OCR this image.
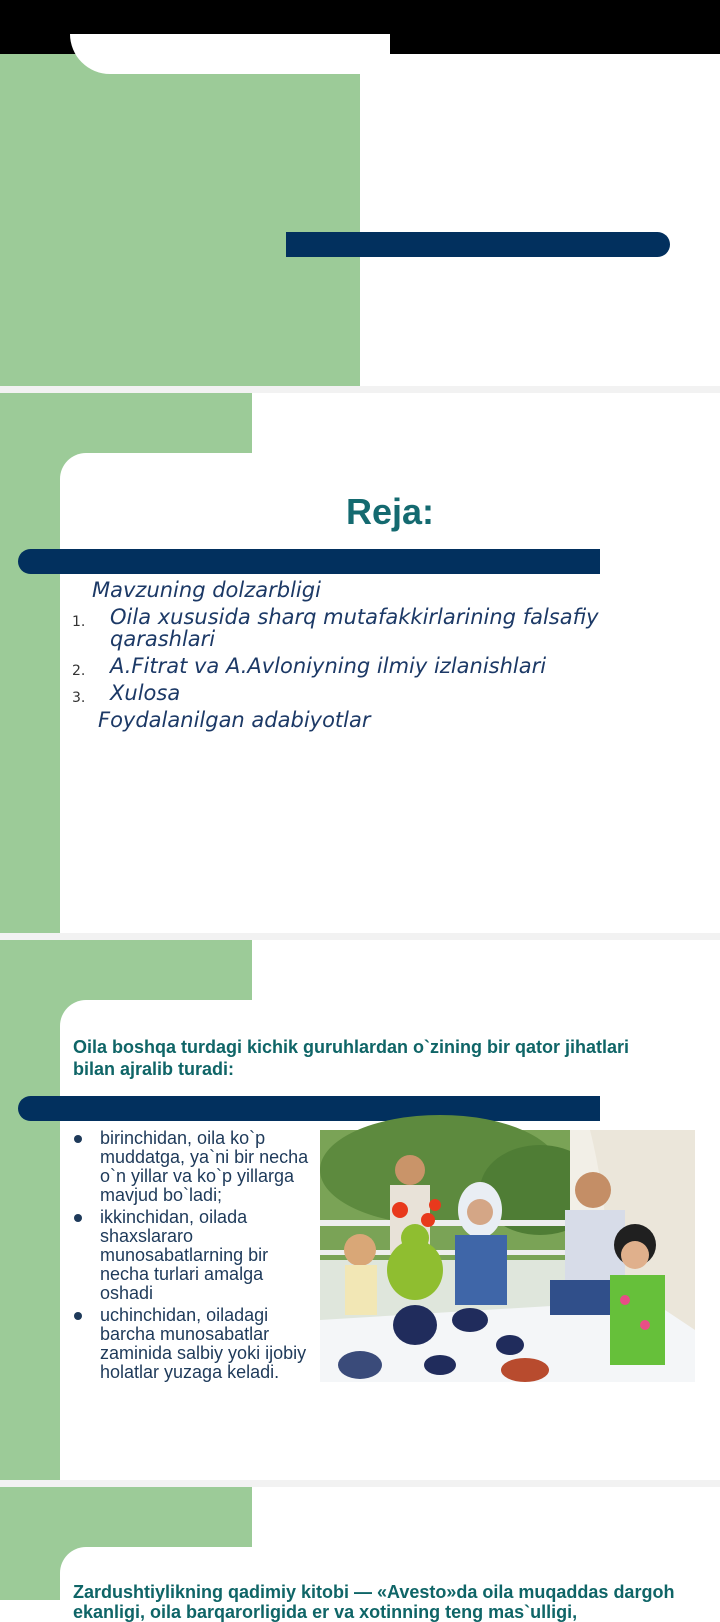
Reja:
Mavzuning dolzarbligi
1. Oila xususida sharq mutafakkirlarining falsafiy qarashlari
2. A.Fitrat va A.Avloniyning ilmiy izlanishlari
3. Xulosa
Foydalanilgan adabiyotlar
Oila boshqa turdagi kichik guruhlardan o`zining bir qator jihatlari bilan ajralib turadi:
birinchidan, oila ko`p muddatga, ya`ni bir necha o`n yillar va ko`p yillarga mavjud bo`ladi;
ikkinchidan, oilada shaxslararo munosabatlarning bir necha turlari amalga oshadi
uchinchidan, oiladagi barcha munosabatlar zaminida salbiy yoki ijobiy holatlar yuzaga keladi.
Zardushtiylikning qadimiy kitobi — «Avesto»da oila muqaddas dargoh ekanligi, oila barqarorligida er va xotinning teng mas`ulligi,
